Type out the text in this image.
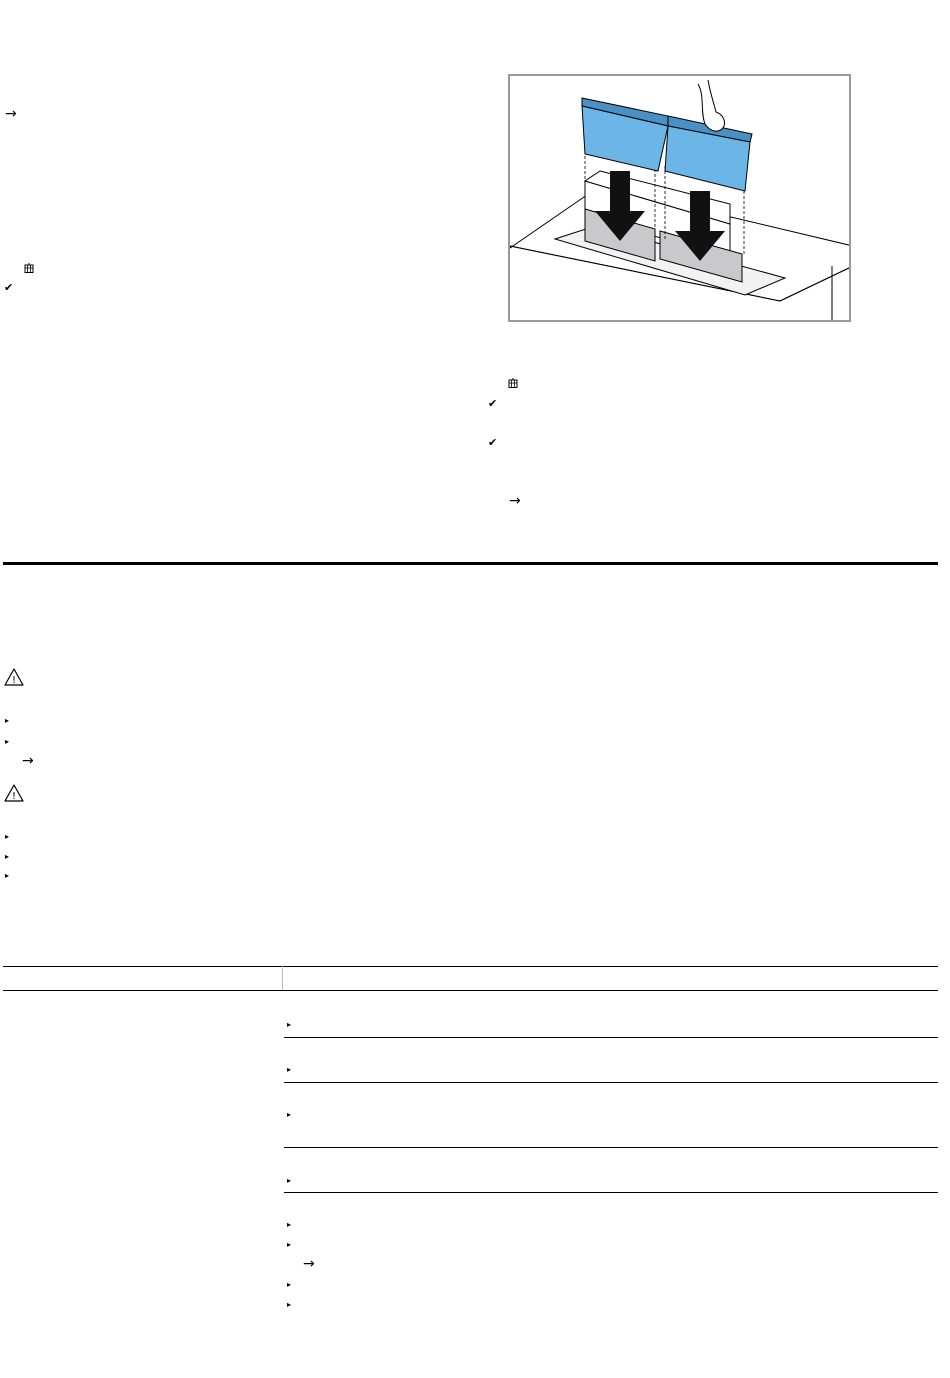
→
✔
✔
✔
→
!
▸
▸
→
!
▸
▸
▸
▸
▸
▸
▸
▸
▸
→
▸
▸
